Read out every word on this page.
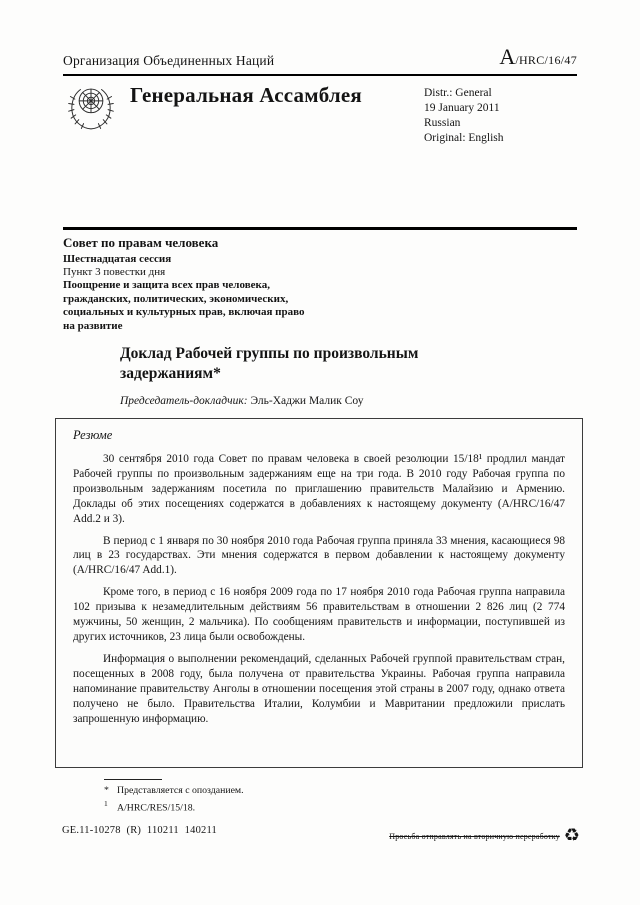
Организация Объединенных Наций	A/HRC/16/47
Генеральная Ассамблея	Distr.: General
19 January 2011
Russian
Original: English
Совет по правам человека
Шестнадцатая сессия
Пункт 3 повестки дня
Поощрение и защита всех прав человека, гражданских, политических, экономических, социальных и культурных прав, включая право на развитие
Доклад Рабочей группы по произвольным задержаниям*
Председатель-докладчик: Эль-Хаджи Малик Соу
Резюме

30 сентября 2010 года Совет по правам человека в своей резолюции 15/18¹ продлил мандат Рабочей группы по произвольным задержаниям еще на три года. В 2010 году Рабочая группа по произвольным задержаниям посетила по приглашению правительств Малайзию и Армению. Доклады об этих посещениях содержатся в добавлениях к настоящему документу (A/HRC/16/47 Add.2 и 3).

В период с 1 января по 30 ноября 2010 года Рабочая группа приняла 33 мнения, касающиеся 98 лиц в 23 государствах. Эти мнения содержатся в первом добавлении к настоящему документу (A/HRC/16/47 Add.1).

Кроме того, в период с 16 ноября 2009 года по 17 ноября 2010 года Рабочая группа направила 102 призыва к незамедлительным действиям 56 правительствам в отношении 2 826 лиц (2 774 мужчины, 50 женщин, 2 мальчика). По сообщениям правительств и информации, поступившей из других источников, 23 лица были освобождены.

Информация о выполнении рекомендаций, сделанных Рабочей группой правительствам стран, посещенных в 2008 году, была получена от правительства Украины. Рабочая группа направила напоминание правительству Анголы в отношении посещения этой страны в 2007 году, однако ответа получено не было. Правительства Италии, Колумбии и Мавритании предложили прислать запрошенную информацию.

* Представляется с опозданием.
$^1$ A/HRC/RES/15/18.
GE.11-10278 (R) 110211 140211	Просьба отправлять на вторичную переработку ♻
